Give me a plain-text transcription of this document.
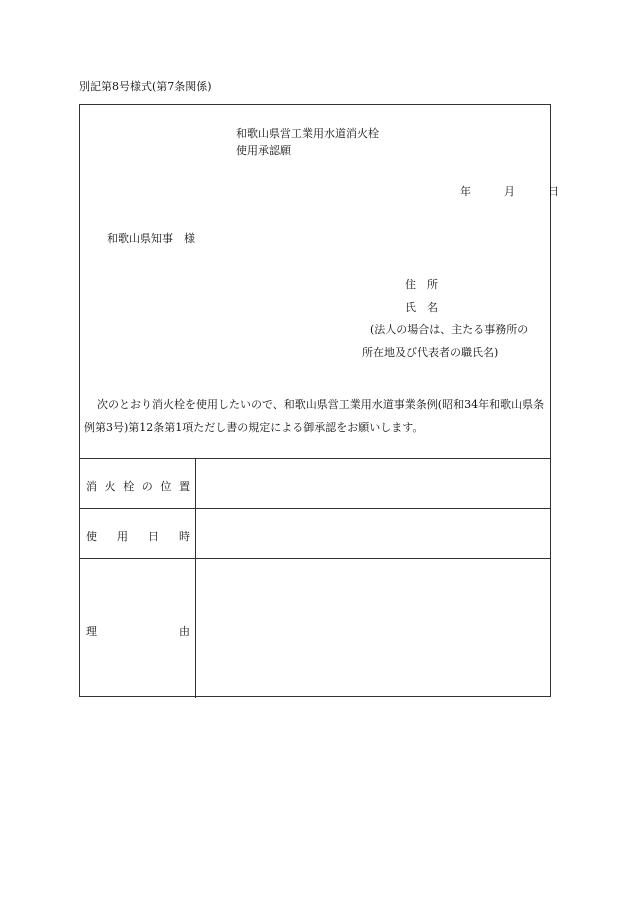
別記第8号様式(第7条関係)
和歌山県営工業用水道消火栓
使用承認願
年	月	日
和歌山県知事　様
住　所
氏　名
(法人の場合は、主たる事務所の
所在地及び代表者の職氏名)
次のとおり消火栓を使用したいので、和歌山県営工業用水道事業条例(昭和34年和歌山県条例第3号)第12条第1項ただし書の規定による御承認をお願いします。
消 火 栓 の 位 置
使 用 日 時
理	由
